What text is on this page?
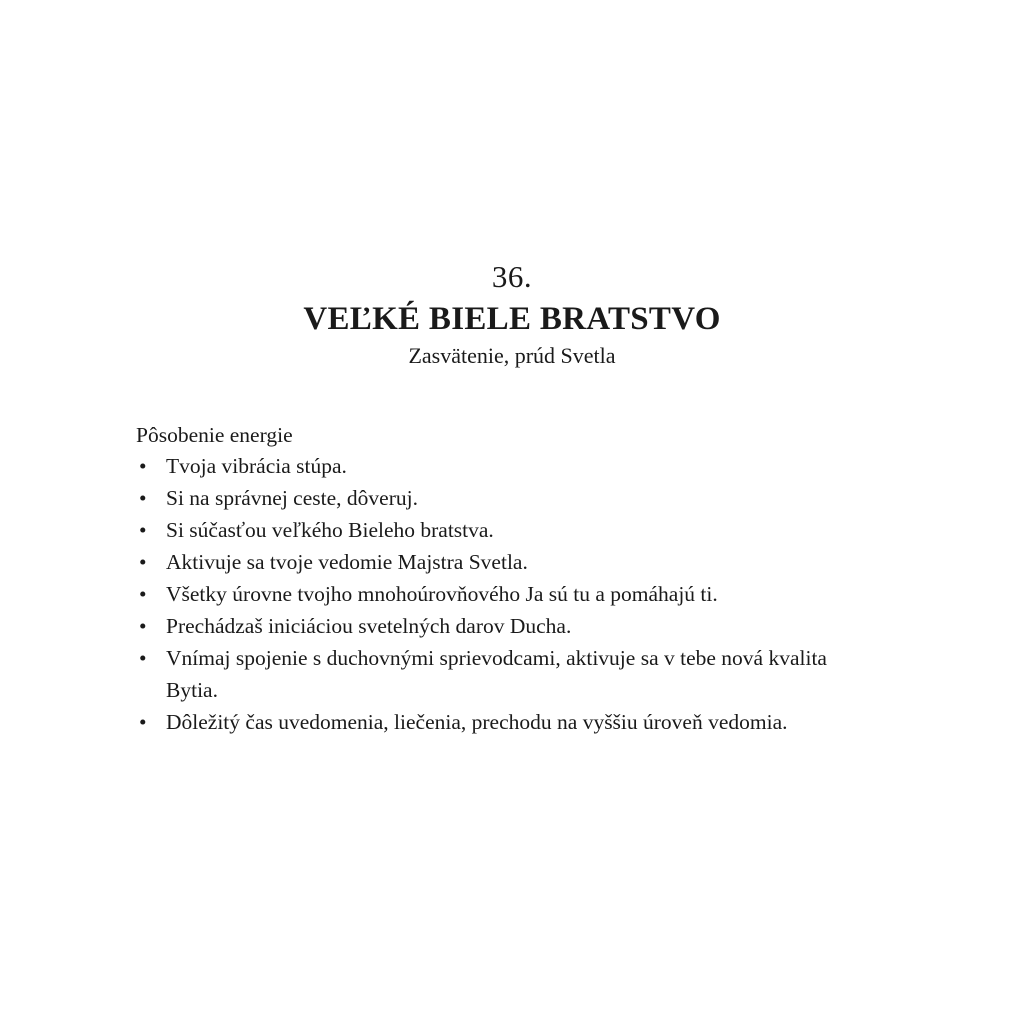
36.
VEĽKÉ BIELE BRATSTVO
Zasvätenie, prúd Svetla
Pôsobenie energie
• Tvoja vibrácia stúpa.
• Si na správnej ceste, dôveruj.
• Si súčasťou veľkého Bieleho bratstva.
• Aktivuje sa tvoje vedomie Majstra Svetla.
• Všetky úrovne tvojho mnohoúrovňového Ja sú tu a pomáhajú ti.
• Prechádzaš iniciáciou svetelných darov Ducha.
• Vnímaj spojenie s duchovnými sprievodcami, aktivuje sa v tebe nová kvalita Bytia.
• Dôležitý čas uvedomenia, liečenia, prechodu na vyššiu úroveň vedomia.
